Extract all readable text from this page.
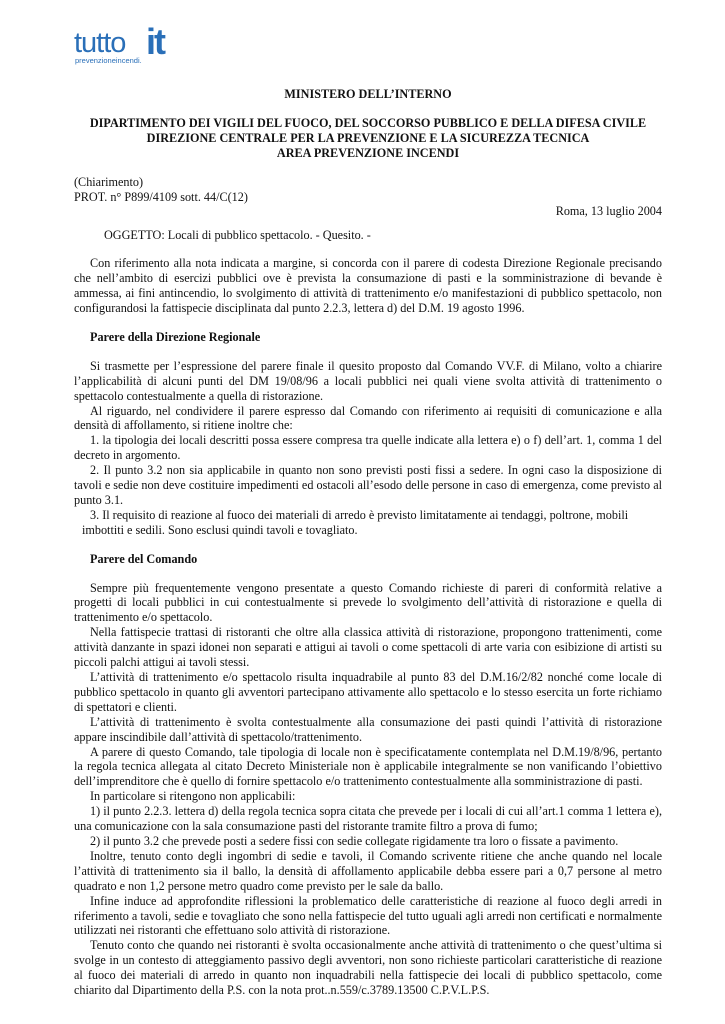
tutto it
prevenzioneincendi.

MINISTERO DELL’INTERNO

DIPARTIMENTO DEI VIGILI DEL FUOCO, DEL SOCCORSO PUBBLICO E DELLA DIFESA CIVILE

DIREZIONE CENTRALE PER LA PREVENZIONE E LA SICUREZZA TECNICA

AREA PREVENZIONE INCENDI

(Chiarimento)

PROT. n° P899/4109 sott. 44/C(12)

Roma, 13 luglio 2004

OGGETTO: Locali di pubblico spettacolo. - Quesito. -

Con riferimento alla nota indicata a margine, si concorda con il parere di codesta Direzione Regionale precisando che nell’ambito di esercizi pubblici ove è prevista la consumazione di pasti e la somministrazione di bevande è ammessa, ai fini antincendio, lo svolgimento di attività di trattenimento e/o manifestazioni di pubblico spettacolo, non configurandosi la fattispecie disciplinata dal punto 2.2.3, lettera d) del D.M. 19 agosto 1996.

Parere della Direzione Regionale

Si trasmette per l’espressione del parere finale il quesito proposto dal Comando VV.F. di Milano, volto a chiarire l’applicabilità di alcuni punti del DM 19/08/96 a locali pubblici nei quali viene svolta attività di trattenimento o spettacolo contestualmente a quella di ristorazione.

Al riguardo, nel condividere il parere espresso dal Comando con riferimento ai requisiti di comunicazione e alla densità di affollamento, si ritiene inoltre che:

1. la tipologia dei locali descritti possa essere compresa tra quelle indicate alla lettera e) o f) dell’art. 1, comma 1 del decreto in argomento.

2. Il punto 3.2 non sia applicabile in quanto non sono previsti posti fissi a sedere. In ogni caso la disposizione di tavoli e sedie non deve costituire impedimenti ed ostacoli all’esodo delle persone in caso di emergenza, come previsto al punto 3.1.

3. Il requisito di reazione al fuoco dei materiali di arredo è previsto limitatamente ai tendaggi, poltrone, mobili

imbottiti e sedili. Sono esclusi quindi tavoli e tovagliato.

Parere del Comando

Sempre più frequentemente vengono presentate a questo Comando richieste di pareri di conformità relative a progetti di locali pubblici in cui contestualmente si prevede lo svolgimento dell’attività di ristorazione e quella di trattenimento e/o spettacolo.

Nella fattispecie trattasi di ristoranti che oltre alla classica attività di ristorazione, propongono trattenimenti, come attività danzante in spazi idonei non separati e attigui ai tavoli o come spettacoli di arte varia con esibizione di artisti su piccoli palchi attigui ai tavoli stessi.

L’attività di trattenimento e/o spettacolo risulta inquadrabile al punto 83 del D.M.16/2/82 nonché come locale di pubblico spettacolo in quanto gli avventori partecipano attivamente allo spettacolo e lo stesso esercita un forte richiamo di spettatori e clienti.

L’attività di trattenimento è svolta contestualmente alla consumazione dei pasti quindi l’attività di ristorazione appare inscindibile dall’attività di spettacolo/trattenimento.

A parere di questo Comando, tale tipologia di locale non è specificatamente contemplata nel D.M.19/8/96, pertanto la regola tecnica allegata al citato Decreto Ministeriale non è applicabile integralmente se non vanificando l’obiettivo dell’imprenditore che è quello di fornire spettacolo e/o trattenimento contestualmente alla somministrazione di pasti.

In particolare si ritengono non applicabili:

1) il punto 2.2.3. lettera d) della regola tecnica sopra citata che prevede per i locali di cui all’art.1 comma 1 lettera e), una comunicazione con la sala consumazione pasti del ristorante tramite filtro a prova di fumo;

2) il punto 3.2 che prevede posti a sedere fissi con sedie collegate rigidamente tra loro o fissate a pavimento.

Inoltre, tenuto conto degli ingombri di sedie e tavoli, il Comando scrivente ritiene che anche quando nel locale l’attività di trattenimento sia il ballo, la densità di affollamento applicabile debba essere pari a 0,7 persone al metro quadrato e non 1,2 persone metro quadro come previsto per le sale da ballo.

Infine induce ad approfondite riflessioni la problematico delle caratteristiche di reazione al fuoco degli arredi in riferimento a tavoli, sedie e tovagliato che sono nella fattispecie del tutto uguali agli arredi non certificati e normalmente utilizzati nei ristoranti che effettuano solo attività di ristorazione.

Tenuto conto che quando nei ristoranti è svolta occasionalmente anche attività di trattenimento o che quest’ultima si svolge in un contesto di atteggiamento passivo degli avventori, non sono richieste particolari caratteristiche di reazione al fuoco dei materiali di arredo in quanto non inquadrabili nella fattispecie dei locali di pubblico spettacolo, come chiarito dal Dipartimento della P.S. con la nota prot..n.559/c.3789.13500 C.P.V.L.P.S.
